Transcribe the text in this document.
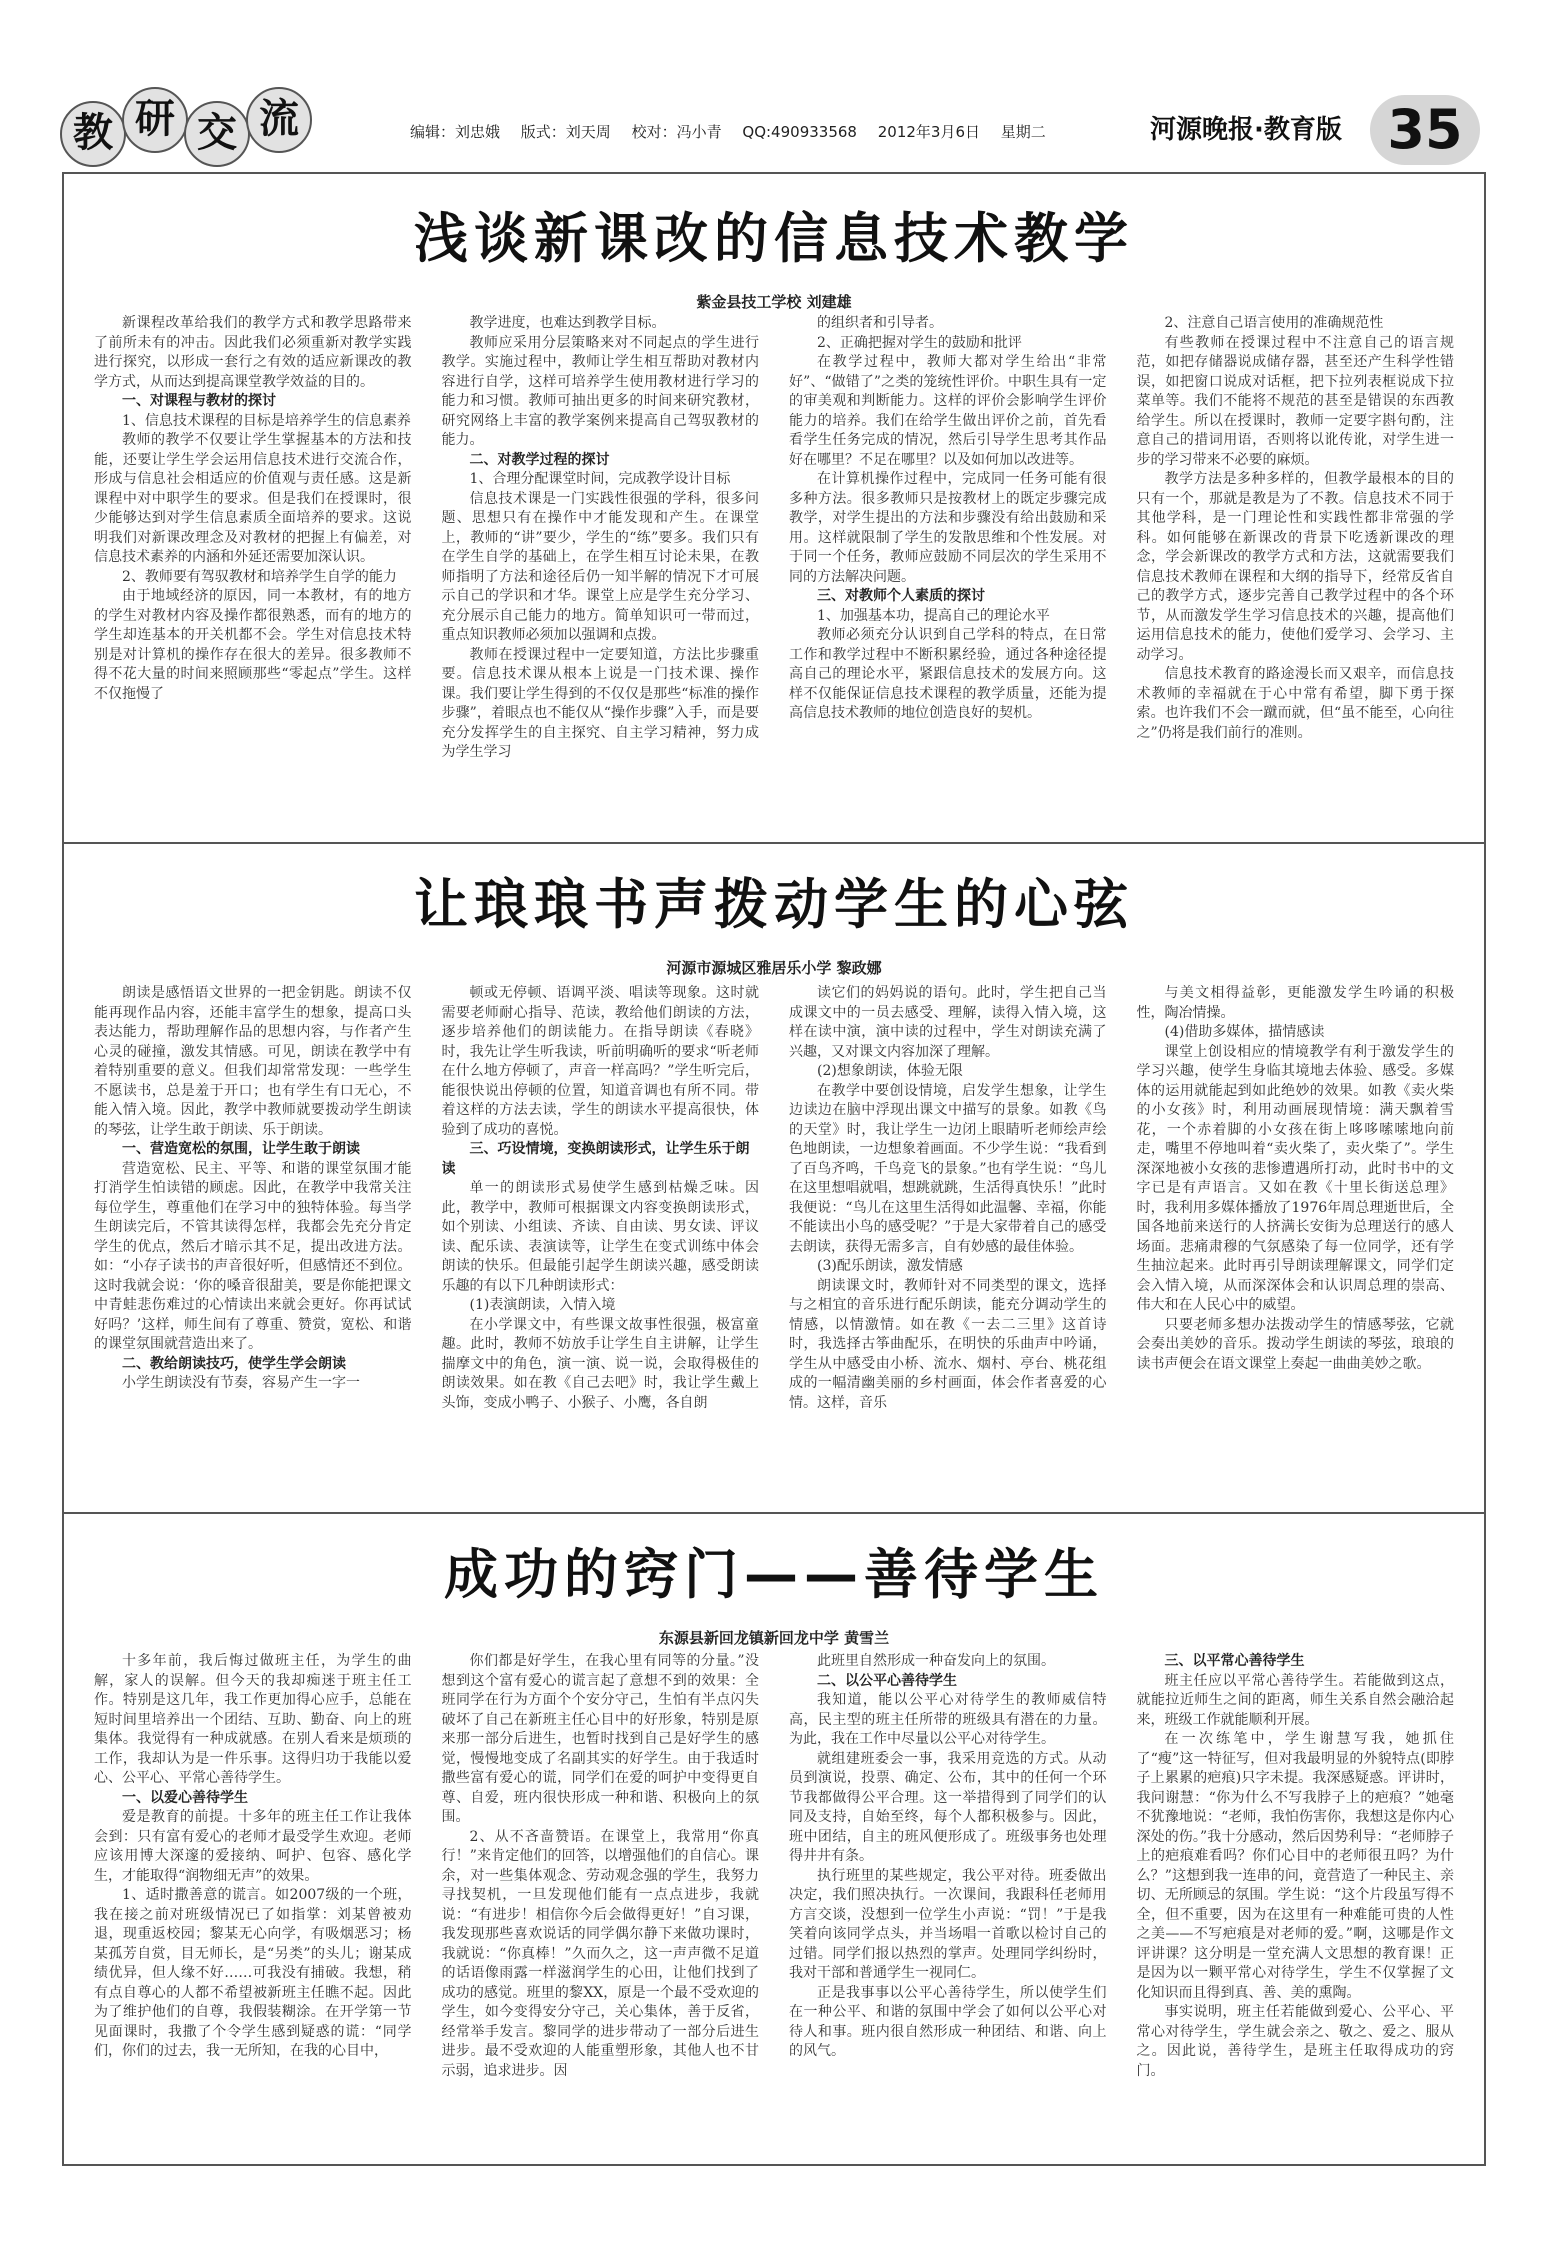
教 研 交 流	编辑：刘忠娥 版式：刘天周 校对：冯小青 QQ:490933568 2012年3月6日 星期二	河源晚报·教育版 35
浅谈新课改的信息技术教学
紫金县技工学校 刘建雄

新课程改革给我们的教学方式和教学思路带来了前所未有的冲击。因此我们必须重新对教学实践进行探究，以形成一套行之有效的适应新课改的教学方式，从而达到提高课堂教学效益的目的。

一、对课程与教材的探讨

1、信息技术课程的目标是培养学生的信息素养

教师的教学不仅要让学生掌握基本的方法和技能，还要让学生学会运用信息技术进行交流合作，形成与信息社会相适应的价值观与责任感。这是新课程中对中职学生的要求。但是我们在授课时，很少能够达到对学生信息素质全面培养的要求。这说明我们对新课改理念及对教材的把握上有偏差，对信息技术素养的内涵和外延还需要加深认识。

2、教师要有驾驭教材和培养学生自学的能力

由于地域经济的原因，同一本教材，有的地方的学生对教材内容及操作都很熟悉，而有的地方的学生却连基本的开关机都不会。学生对信息技术特别是对计算机的操作存在很大的差异。很多教师不得不花大量的时间来照顾那些“零起点”学生。这样不仅拖慢了

教学进度，也难达到教学目标。

教师应采用分层策略来对不同起点的学生进行教学。实施过程中，教师让学生相互帮助对教材内容进行自学，这样可培养学生使用教材进行学习的能力和习惯。教师可抽出更多的时间来研究教材，研究网络上丰富的教学案例来提高自己驾驭教材的能力。

二、对教学过程的探讨

1、合理分配课堂时间，完成教学设计目标

信息技术课是一门实践性很强的学科，很多问题、思想只有在操作中才能发现和产生。在课堂上，教师的“讲”要少，学生的“练”要多。我们只有在学生自学的基础上，在学生相互讨论未果，在教师指明了方法和途径后仍一知半解的情况下才可展示自己的学识和才华。课堂上应是学生充分学习、充分展示自己能力的地方。简单知识可一带而过，重点知识教师必须加以强调和点拨。

教师在授课过程中一定要知道，方法比步骤重要。信息技术课从根本上说是一门技术课、操作课。我们要让学生得到的不仅仅是那些“标准的操作步骤”，着眼点也不能仅从“操作步骤”入手，而是要充分发挥学生的自主探究、自主学习精神，努力成为学生学习

的组织者和引导者。

2、正确把握对学生的鼓励和批评

在教学过程中，教师大都对学生给出“非常好”、“做错了”之类的笼统性评价。中职生具有一定的审美观和判断能力。这样的评价会影响学生评价能力的培养。我们在给学生做出评价之前，首先看看学生任务完成的情况，然后引导学生思考其作品好在哪里？不足在哪里？以及如何加以改进等。

在计算机操作过程中，完成同一任务可能有很多种方法。很多教师只是按教材上的既定步骤完成教学，对学生提出的方法和步骤没有给出鼓励和采用。这样就限制了学生的发散思维和个性发展。对于同一个任务，教师应鼓励不同层次的学生采用不同的方法解决问题。

三、对教师个人素质的探讨

1、加强基本功，提高自己的理论水平

教师必须充分认识到自己学科的特点，在日常工作和教学过程中不断积累经验，通过各种途径提高自己的理论水平，紧跟信息技术的发展方向。这样不仅能保证信息技术课程的教学质量，还能为提高信息技术教师的地位创造良好的契机。

2、注意自己语言使用的准确规范性

有些教师在授课过程中不注意自己的语言规范，如把存储器说成储存器，甚至还产生科学性错误，如把窗口说成对话框，把下拉列表框说成下拉菜单等。我们不能将不规范的甚至是错误的东西教给学生。所以在授课时，教师一定要字斟句酌，注意自己的措词用语，否则将以讹传讹，对学生进一步的学习带来不必要的麻烦。

教学方法是多种多样的，但教学最根本的目的只有一个，那就是教是为了不教。信息技术不同于其他学科，是一门理论性和实践性都非常强的学科。如何能够在新课改的背景下吃透新课改的理念，学会新课改的教学方式和方法，这就需要我们信息技术教师在课程和大纲的指导下，经常反省自己的教学方式，逐步完善自己教学过程中的各个环节，从而激发学生学习信息技术的兴趣，提高他们运用信息技术的能力，使他们爱学习、会学习、主动学习。

信息技术教育的路途漫长而又艰辛，而信息技术教师的幸福就在于心中常有希望，脚下勇于探索。也许我们不会一蹴而就，但“虽不能至，心向往之”仍将是我们前行的准则。

让琅琅书声拨动学生的心弦
河源市源城区雅居乐小学 黎政娜

朗读是感悟语文世界的一把金钥匙。朗读不仅能再现作品内容，还能丰富学生的想象，提高口头表达能力，帮助理解作品的思想内容，与作者产生心灵的碰撞，激发其情感。可见，朗读在教学中有着特别重要的意义。但我们却常常发现：一些学生不愿读书，总是羞于开口；也有学生有口无心，不能入情入境。因此，教学中教师就要拨动学生朗读的琴弦，让学生敢于朗读、乐于朗读。

一、营造宽松的氛围，让学生敢于朗读

营造宽松、民主、平等、和谐的课堂氛围才能打消学生怕读错的顾虑。因此，在教学中我常关注每位学生，尊重他们在学习中的独特体验。每当学生朗读完后，不管其读得怎样，我都会先充分肯定学生的优点，然后才暗示其不足，提出改进方法。如：“小存子读书的声音很好听，但感情还不到位。这时我就会说：‘你的嗓音很甜美，要是你能把课文中青蛙悲伤难过的心情读出来就会更好。你再试试好吗？’这样，师生间有了尊重、赞赏，宽松、和谐的课堂氛围就营造出来了。

二、教给朗读技巧，使学生学会朗读

小学生朗读没有节奏，容易产生一字一

顿或无停顿、语调平淡、唱读等现象。这时就需要老师耐心指导、范读，教给他们朗读的方法，逐步培养他们的朗读能力。在指导朗读《春晓》时，我先让学生听我读，听前明确听的要求“听老师在什么地方停顿了，声音一样高吗？”学生听完后，能很快说出停顿的位置，知道音调也有所不同。带着这样的方法去读，学生的朗读水平提高很快，体验到了成功的喜悦。

三、巧设情境，变换朗读形式，让学生乐于朗读

单一的朗读形式易使学生感到枯燥乏味。因此，教学中，教师可根据课文内容变换朗读形式，如个别读、小组读、齐读、自由读、男女读、评议读、配乐读、表演读等，让学生在变式训练中体会朗读的快乐。但最能引起学生朗读兴趣，感受朗读乐趣的有以下几种朗读形式：

(1)表演朗读，入情入境

在小学课文中，有些课文故事性很强，极富童趣。此时，教师不妨放手让学生自主讲解，让学生揣摩文中的角色，演一演、说一说，会取得极佳的朗读效果。如在教《自己去吧》时，我让学生戴上头饰，变成小鸭子、小猴子、小鹰，各自朗

读它们的妈妈说的语句。此时，学生把自己当成课文中的一员去感受、理解，读得入情入境，这样在读中演，演中读的过程中，学生对朗读充满了兴趣，又对课文内容加深了理解。

(2)想象朗读，体验无限

在教学中要创设情境，启发学生想象，让学生边读边在脑中浮现出课文中描写的景象。如教《鸟的天堂》时，我让学生一边闭上眼睛听老师绘声绘色地朗读，一边想象着画面。不少学生说：“我看到了百鸟齐鸣，千鸟竞飞的景象。”也有学生说：“鸟儿在这里想唱就唱，想跳就跳，生活得真快乐！”此时我便说：“鸟儿在这里生活得如此温馨、幸福，你能不能读出小鸟的感受呢？”于是大家带着自己的感受去朗读，获得无需多言，自有妙感的最佳体验。

(3)配乐朗读，激发情感

朗读课文时，教师针对不同类型的课文，选择与之相宜的音乐进行配乐朗读，能充分调动学生的情感，以情激情。如在教《一去二三里》这首诗时，我选择古筝曲配乐，在明快的乐曲声中吟诵，学生从中感受由小桥、流水、烟村、亭台、桃花组成的一幅清幽美丽的乡村画面，体会作者喜爱的心情。这样，音乐

与美文相得益彰，更能激发学生吟诵的积极性，陶冶情操。

(4)借助多媒体，描情感读

课堂上创设相应的情境教学有利于激发学生的学习兴趣，使学生身临其境地去体验、感受。多媒体的运用就能起到如此绝妙的效果。如教《卖火柴的小女孩》时，利用动画展现情境：满天飘着雪花，一个赤着脚的小女孩在街上哆哆嗦嗦地向前走，嘴里不停地叫着“卖火柴了，卖火柴了”。学生深深地被小女孩的悲惨遭遇所打动，此时书中的文字已是有声语言。又如在教《十里长街送总理》时，我利用多媒体播放了1976年周总理逝世后，全国各地前来送行的人挤满长安街为总理送行的感人场面。悲痛肃穆的气氛感染了每一位同学，还有学生抽泣起来。此时再引导朗读理解课文，同学们定会入情入境，从而深深体会和认识周总理的崇高、伟大和在人民心中的威望。

只要老师多想办法拨动学生的情感琴弦，它就会奏出美妙的音乐。拨动学生朗读的琴弦，琅琅的读书声便会在语文课堂上奏起一曲曲美妙之歌。

成功的窍门——善待学生
东源县新回龙镇新回龙中学 黄雪兰

十多年前，我后悔过做班主任，为学生的曲解，家人的误解。但今天的我却痴迷于班主任工作。特别是这几年，我工作更加得心应手，总能在短时间里培养出一个团结、互助、勤奋、向上的班集体。我觉得有一种成就感。在别人看来是烦琐的工作，我却认为是一件乐事。这得归功于我能以爱心、公平心、平常心善待学生。

一、以爱心善待学生

爱是教育的前提。十多年的班主任工作让我体会到：只有富有爱心的老师才最受学生欢迎。老师应该用博大深邃的爱接纳、呵护、包容、感化学生，才能取得“润物细无声”的效果。

1、适时撒善意的谎言。如2007级的一个班，我在接之前对班级情况已了如指掌：刘某曾被劝退，现重返校园；黎某无心向学，有吸烟恶习；杨某孤芳自赏，目无师长，是“另类”的头儿；谢某成绩优异，但人缘不好……可我没有捕破。我想，稍有点自尊心的人都不希望被新班主任瞧不起。因此为了维护他们的自尊，我假装糊涂。在开学第一节见面课时，我撒了个令学生感到疑惑的谎：“同学们，你们的过去，我一无所知，在我的心目中，

你们都是好学生，在我心里有同等的分量。”没想到这个富有爱心的谎言起了意想不到的效果：全班同学在行为方面个个安分守己，生怕有半点闪失破坏了自己在新班主任心目中的好形象，特别是原来那一部分后进生，也暂时找到自己是好学生的感觉，慢慢地变成了名副其实的好学生。由于我适时撒些富有爱心的谎，同学们在爱的呵护中变得更自尊、自爱，班内很快形成一种和谐、积极向上的氛围。

2、从不吝啬赞语。在课堂上，我常用“你真行！”来肯定他们的回答，以增强他们的自信心。课余，对一些集体观念、劳动观念强的学生，我努力寻找契机，一旦发现他们能有一点点进步，我就说：“有进步！相信你今后会做得更好！”自习课，我发现那些喜欢说话的同学偶尔静下来做功课时，我就说：“你真棒！”久而久之，这一声声微不足道的话语像雨露一样滋润学生的心田，让他们找到了成功的感觉。班里的黎XX，原是一个最不受欢迎的学生，如今变得安分守己，关心集体，善于反省，经常举手发言。黎同学的进步带动了一部分后进生进步。最不受欢迎的人能重塑形象，其他人也不甘示弱，追求进步。因

此班里自然形成一种奋发向上的氛围。

二、以公平心善待学生

我知道，能以公平心对待学生的教师威信特高，民主型的班主任所带的班级具有潜在的力量。为此，我在工作中尽量以公平心对待学生。

就组建班委会一事，我采用竞选的方式。从动员到演说，投票、确定、公布，其中的任何一个环节我都做得公平合理。这一举措得到了同学们的认同及支持，自始至终，每个人都积极参与。因此，班中团结，自主的班风便形成了。班级事务也处理得井井有条。

执行班里的某些规定，我公平对待。班委做出决定，我们照决执行。一次课间，我跟科任老师用方言交谈，没想到一位学生小声说：“罚！”于是我笑着向该同学点头，并当场唱一首歌以检讨自己的过错。同学们报以热烈的掌声。处理同学纠纷时，我对干部和普通学生一视同仁。

正是我事事以公平心善待学生，所以使学生们在一种公平、和谐的氛围中学会了如何以公平心对待人和事。班内很自然形成一种团结、和谐、向上的风气。

三、以平常心善待学生

班主任应以平常心善待学生。若能做到这点，就能拉近师生之间的距离，师生关系自然会融洽起来，班级工作就能顺利开展。

在一次练笔中，学生谢慧写我，她抓住了“瘦”这一特征写，但对我最明显的外貌特点(即脖子上累累的疤痕)只字未提。我深感疑惑。评讲时，我问谢慧：“你为什么不写我脖子上的疤痕？”她毫不犹豫地说：“老师，我怕伤害你，我想这是你内心深处的伤。”我十分感动，然后因势利导：“老师脖子上的疤痕难看吗？你们心目中的老师很丑吗？为什么？”这想到我一连串的问，竟营造了一种民主、亲切、无所顾忌的氛围。学生说：“这个片段虽写得不全，但不重要，因为在这里有一种难能可贵的人性之美——不写疤痕是对老师的爱。”啊，这哪是作文评讲课？这分明是一堂充满人文思想的教育课！正是因为以一颗平常心对待学生，学生不仅掌握了文化知识而且得到真、善、美的熏陶。

事实说明，班主任若能做到爱心、公平心、平常心对待学生，学生就会亲之、敬之、爱之、服从之。因此说，善待学生，是班主任取得成功的窍门。
